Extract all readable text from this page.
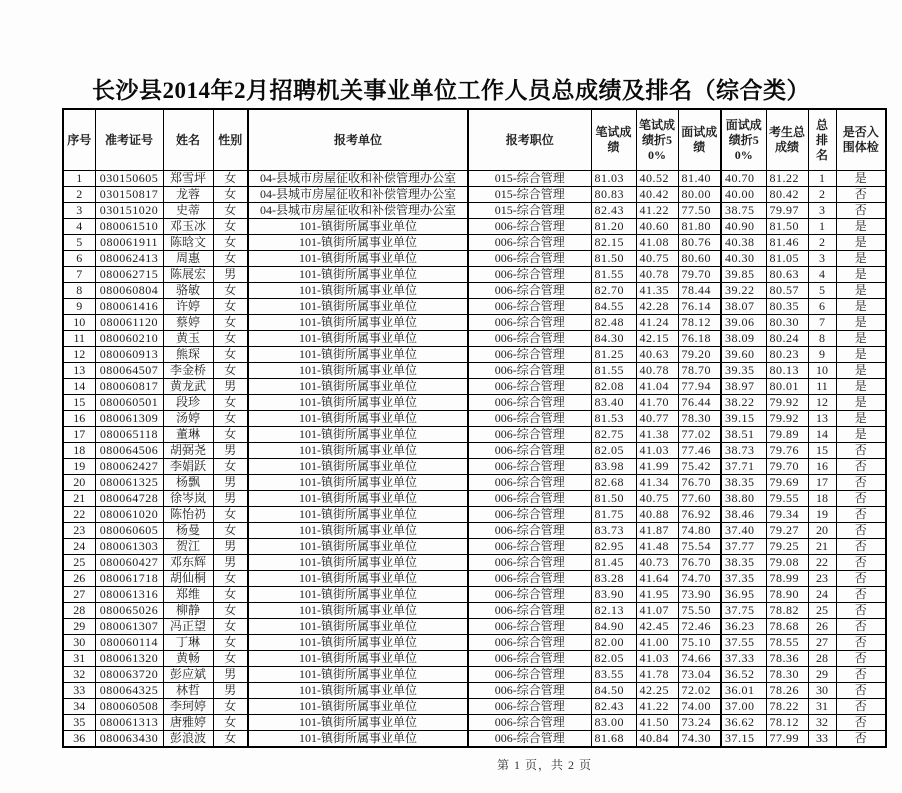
长沙县2014年2月招聘机关事业单位工作人员总成绩及排名（综合类）
序号	准考证号	姓名	性别	报考单位	报考职位	笔试成绩	笔试成绩折50%	面试成绩	面试成绩折50%	考生总成绩	总排名	是否入围体检
1	030150605	郑雪坪	女	04-县城市房屋征收和补偿管理办公室	015-综合管理	81.03	40.52	81.40	40.70	81.22	1	是
2	030150817	龙蓉	女	04-县城市房屋征收和补偿管理办公室	015-综合管理	80.83	40.42	80.00	40.00	80.42	2	否
3	030151020	史蒂	女	04-县城市房屋征收和补偿管理办公室	015-综合管理	82.43	41.22	77.50	38.75	79.97	3	否
4	080061510	邓玉冰	女	101-镇街所属事业单位	006-综合管理	81.20	40.60	81.80	40.90	81.50	1	是
5	080061911	陈晗文	女	101-镇街所属事业单位	006-综合管理	82.15	41.08	80.76	40.38	81.46	2	是
6	080062413	周惠	女	101-镇街所属事业单位	006-综合管理	81.50	40.75	80.60	40.30	81.05	3	是
7	080062715	陈展宏	男	101-镇街所属事业单位	006-综合管理	81.55	40.78	79.70	39.85	80.63	4	是
8	080060804	骆敏	女	101-镇街所属事业单位	006-综合管理	82.70	41.35	78.44	39.22	80.57	5	是
9	080061416	许婷	女	101-镇街所属事业单位	006-综合管理	84.55	42.28	76.14	38.07	80.35	6	是
10	080061120	蔡婷	女	101-镇街所属事业单位	006-综合管理	82.48	41.24	78.12	39.06	80.30	7	是
11	080060210	黄玉	女	101-镇街所属事业单位	006-综合管理	84.30	42.15	76.18	38.09	80.24	8	是
12	080060913	熊琛	女	101-镇街所属事业单位	006-综合管理	81.25	40.63	79.20	39.60	80.23	9	是
13	080064507	李金桥	女	101-镇街所属事业单位	006-综合管理	81.55	40.78	78.70	39.35	80.13	10	是
14	080060817	黄龙武	男	101-镇街所属事业单位	006-综合管理	82.08	41.04	77.94	38.97	80.01	11	是
15	080060501	段珍	女	101-镇街所属事业单位	006-综合管理	83.40	41.70	76.44	38.22	79.92	12	是
16	080061309	汤婷	女	101-镇街所属事业单位	006-综合管理	81.53	40.77	78.30	39.15	79.92	13	是
17	080065118	董琳	女	101-镇街所属事业单位	006-综合管理	82.75	41.38	77.02	38.51	79.89	14	是
18	080064506	胡弼尧	男	101-镇街所属事业单位	006-综合管理	82.05	41.03	77.46	38.73	79.76	15	否
19	080062427	李娟跃	女	101-镇街所属事业单位	006-综合管理	83.98	41.99	75.42	37.71	79.70	16	否
20	080061325	杨飘	男	101-镇街所属事业单位	006-综合管理	82.68	41.34	76.70	38.35	79.69	17	否
21	080064728	徐岑岚	男	101-镇街所属事业单位	006-综合管理	81.50	40.75	77.60	38.80	79.55	18	否
22	080061020	陈怡礽	女	101-镇街所属事业单位	006-综合管理	81.75	40.88	76.92	38.46	79.34	19	否
23	080060605	杨曼	女	101-镇街所属事业单位	006-综合管理	83.73	41.87	74.80	37.40	79.27	20	否
24	080061303	贺江	男	101-镇街所属事业单位	006-综合管理	82.95	41.48	75.54	37.77	79.25	21	否
25	080060427	邓东辉	男	101-镇街所属事业单位	006-综合管理	81.45	40.73	76.70	38.35	79.08	22	否
26	080061718	胡仙桐	女	101-镇街所属事业单位	006-综合管理	83.28	41.64	74.70	37.35	78.99	23	否
27	080061316	郑维	女	101-镇街所属事业单位	006-综合管理	83.90	41.95	73.90	36.95	78.90	24	否
28	080065026	柳静	女	101-镇街所属事业单位	006-综合管理	82.13	41.07	75.50	37.75	78.82	25	否
29	080061307	冯正望	女	101-镇街所属事业单位	006-综合管理	84.90	42.45	72.46	36.23	78.68	26	否
30	080060114	丁琳	女	101-镇街所属事业单位	006-综合管理	82.00	41.00	75.10	37.55	78.55	27	否
31	080061320	黄畅	女	101-镇街所属事业单位	006-综合管理	82.05	41.03	74.66	37.33	78.36	28	否
32	080063720	彭应斌	男	101-镇街所属事业单位	006-综合管理	83.55	41.78	73.04	36.52	78.30	29	否
33	080064325	林哲	男	101-镇街所属事业单位	006-综合管理	84.50	42.25	72.02	36.01	78.26	30	否
34	080060508	李珂婷	女	101-镇街所属事业单位	006-综合管理	82.43	41.22	74.00	37.00	78.22	31	否
35	080061313	唐雅婷	女	101-镇街所属事业单位	006-综合管理	83.00	41.50	73.24	36.62	78.12	32	否
36	080063430	彭浪波	女	101-镇街所属事业单位	006-综合管理	81.68	40.84	74.30	37.15	77.99	33	否
第 1 页，共 2 页
